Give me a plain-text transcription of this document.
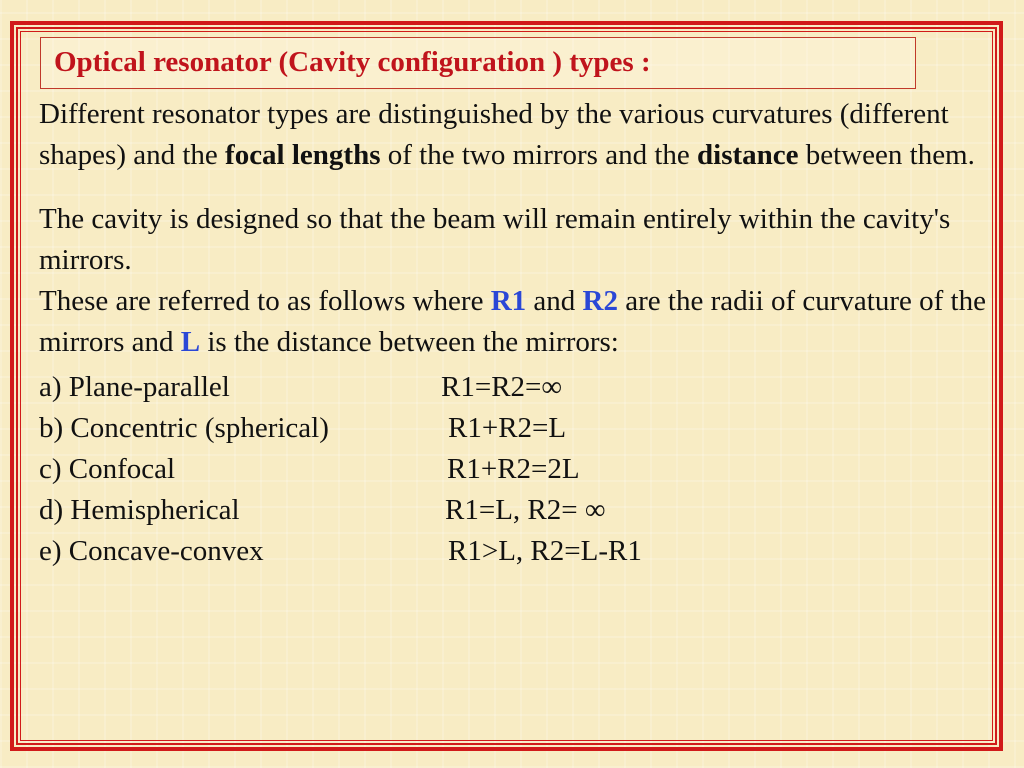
Optical resonator (Cavity configuration ) types :

Different resonator types are distinguished by the various curvatures (different shapes) and the focal lengths of the two mirrors and the distance between them.

The cavity is designed so that the beam will remain entirely within the cavity's mirrors.
These are referred to as follows where R1 and R2 are the radii of curvature of the mirrors and L is the distance between the mirrors:

a) Plane-parallel	R1=R2=∞
b) Concentric (spherical)	R1+R2=L
c) Confocal	R1+R2=2L
d) Hemispherical	R1=L, R2= ∞
e) Concave-convex	R1>L, R2=L-R1
